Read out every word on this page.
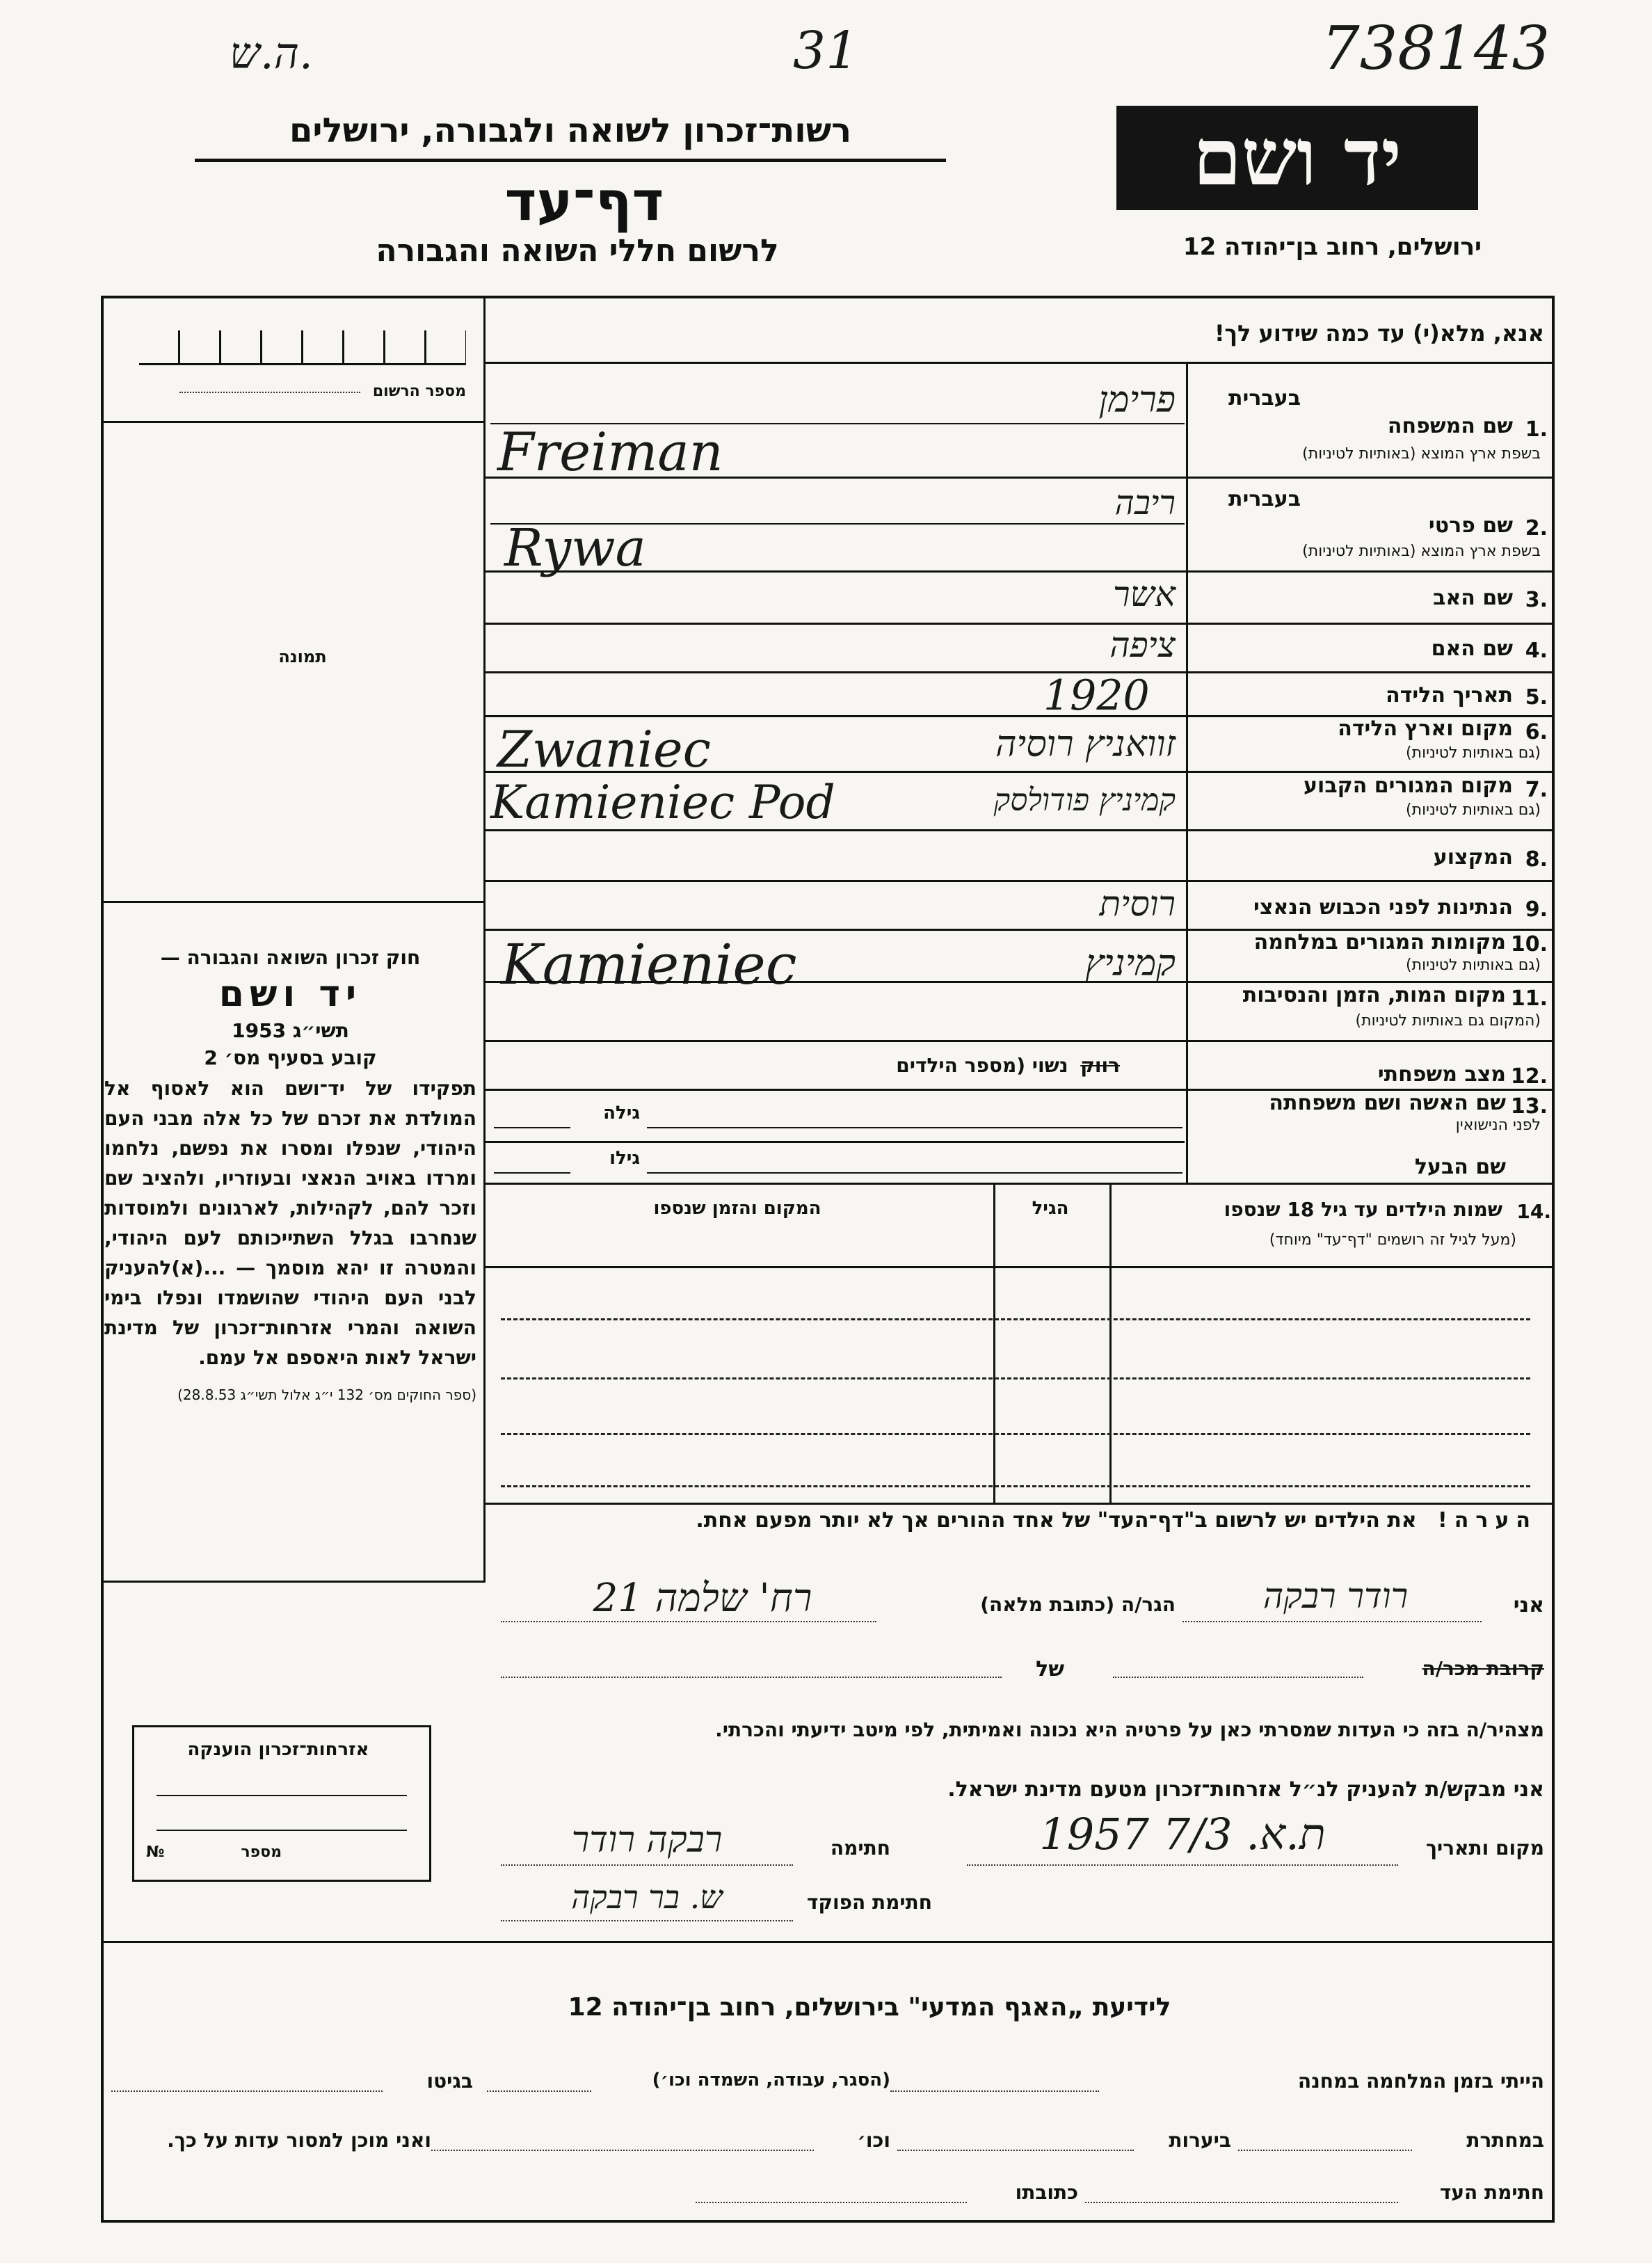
ה.ש.	31	738143
רשות־זכרון לשואה ולגבורה, ירושלים
דף־עד
לרשום חללי השואה והגבורה
יד ושם
ירושלים, רחוב בן־יהודה 12
אנא, מלא(י) עד כמה שידוע לך!
מספר הרשום
תמונה

חוק זכרון השואה והגבורה —

יד ושם

תשי״ג 1953

קובע בסעיף מס׳ 2

תפקידו של יד־ושם הוא לאסוף אל המולדת את זכרם של כל אלה מבני העם היהודי, שנפלו ומסרו את נפשם, נלחמו ומרדו באויב הנאצי ובעוזריו, ולהציב שם וזכר להם, לקהילות, לארגונים ולמוסדות שנחרבו בגלל השתייכותם לעם היהודי, והמטרה זו יהא מוסמך — ...(א)להעניק לבני העם היהודי שהושמדו ונפלו בימי השואה והמרי אזרחות־זכרון של מדינת ישראל לאות היאספם אל עמם.

(ספר החוקים מס׳ 132 י״ג אלול תשי״ג 28.8.53)

אזרחות־זכרון הוענקה
מספר
№
בעברית
1.
שם המשפחה
בשפת ארץ המוצא (באותיות לטיניות)
פרימן
Freiman
בעברית
2.
שם פרטי
בשפת ארץ המוצא (באותיות לטיניות)
ריבה
Rywa
3.
שם האב
אשר
4.
שם האם
ציפה
5.
תאריך הלידה
1920
6.
מקום וארץ הלידה
(גם באותיות לטיניות)
זוואניץ רוסיה
Zwaniec
7.
מקום המגורים הקבוע
(גם באותיות לטיניות)
קמיניץ פודולסק
Kamieniec Pod
8.
המקצוע
9.
הנתינות לפני הכבוש הנאצי
רוסית
10.
מקומות המגורים במלחמה
(גם באותיות לטיניות)
קמיניץ
Kamieniec
11.
מקום המות, הזמן והנסיבות
(המקום גם באותיות לטיניות)
12.
מצב משפחתי
רווק נשוי (מספר הילדים
13.
שם האשה ושם משפחתה
לפני הנישואין
גילה
שם הבעל
גילו
14.
שמות הילדים עד גיל 18 שנספו
(מעל לגיל זה רושמים "דף־עד" מיוחד)
הגיל
המקום והזמן שנספו
הערה! את הילדים יש לרשום ב"דף־העד" של אחד ההורים אך לא יותר מפעם אחת.
אני
רודר רבקה
הגר/ה (כתובת מלאה)
רח' שלמה 21
קרובת מכר/ה
של
מצהיר/ה בזה כי העדות שמסרתי כאן על פרטיה היא נכונה ואמיתית, לפי מיטב ידיעתי והכרתי.
אני מבקש/ת להעניק לנ״ל אזרחות־זכרון מטעם מדינת ישראל.
מקום ותאריך
ת.א. 7/3 1957
חתימה
רבקה רודר
חתימת הפוקד
ש. בר רבקה
לידיעת „האגף המדעי" בירושלים, רחוב בן־יהודה 12
הייתי בזמן המלחמה במחנה
(הסגר, עבודה, השמדה וכו׳)
בגיטו
במחתרת
ביערות
וכו׳
ואני מוכן למסור עדות על כך.
חתימת העד
כתובתו
